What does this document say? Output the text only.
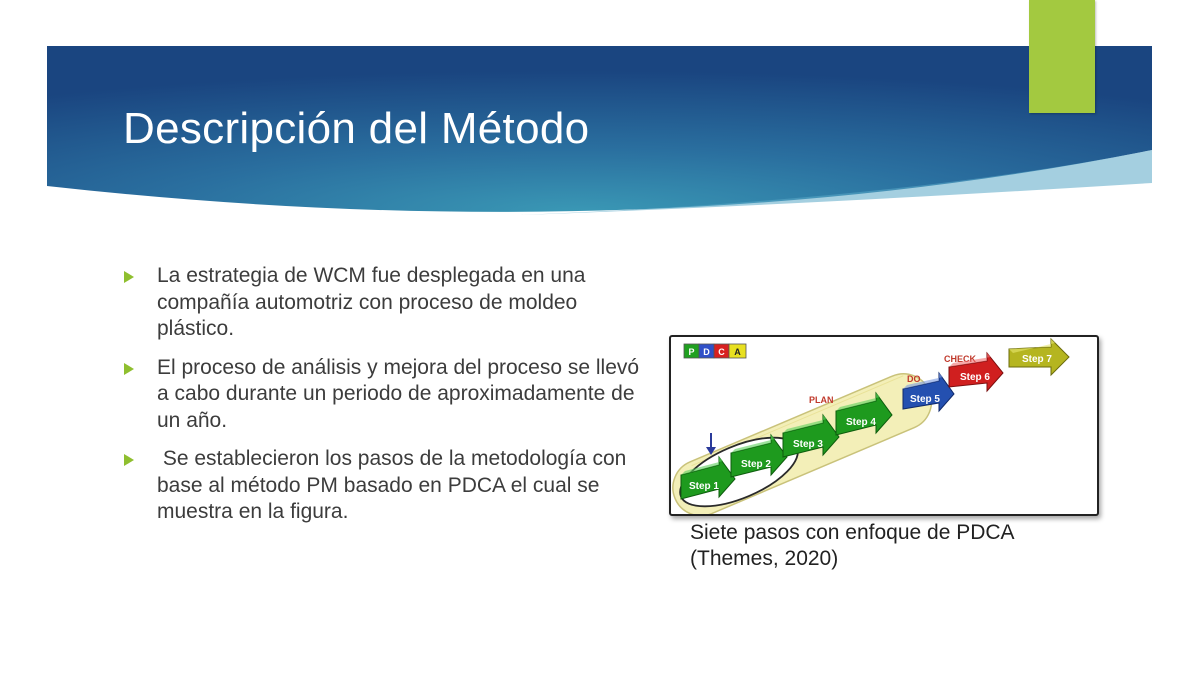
Descripción del Método
La estrategia de WCM fue desplegada en una compañía automotriz con proceso de moldeo plástico.
El proceso de análisis y mejora del proceso se llevó a cabo durante un periodo de aproximadamente de un año.
Se establecieron los pasos de la metodología con base al método PM basado en PDCA el cual se muestra en la figura.
P D C A
PLAN
DO
CHECK
Step 1
Step 2
Step 3
Step 4
Step 5
Step 6
Step 7

Siete pasos con enfoque de PDCA
(Themes, 2020)
